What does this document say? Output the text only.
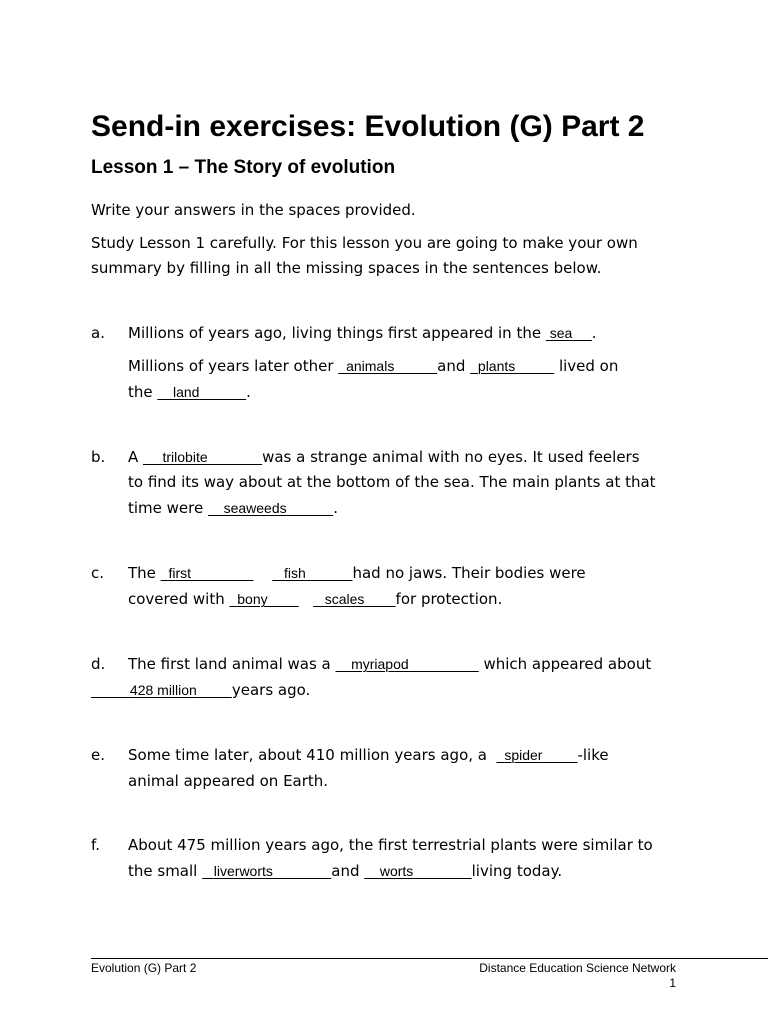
Send-in exercises: Evolution (G) Part 2
Lesson 1 – The Story of evolution
Write your answers in the spaces provided.
Study Lesson 1 carefully. For this lesson you are going to make your own
summary by filling in all the missing spaces in the sentences below.
a. Millions of years ago, living things first appeared in the  sea .
Millions of years later other   animals	and   plants	lived on
the     land	.
b. A      trilobite	was a strange animal with no eyes. It used feelers
to find its way about at the bottom of the sea. The main plants at that
time were     seaweeds	.
c. The   first	fish	had no jaws. Their bodies were
covered with   bony	scales for protection.
d. The first land animal was a     myriapod	which appeared about
428 million years ago.
e. Some time later, about 410 million years ago, a    spider -like
animal appeared on Earth.
f. About 475 million years ago, the first terrestrial plants were similar to
the small    liverworts	and     worts	living today.
Evolution (G) Part 2	Distance Education Science Network
1
